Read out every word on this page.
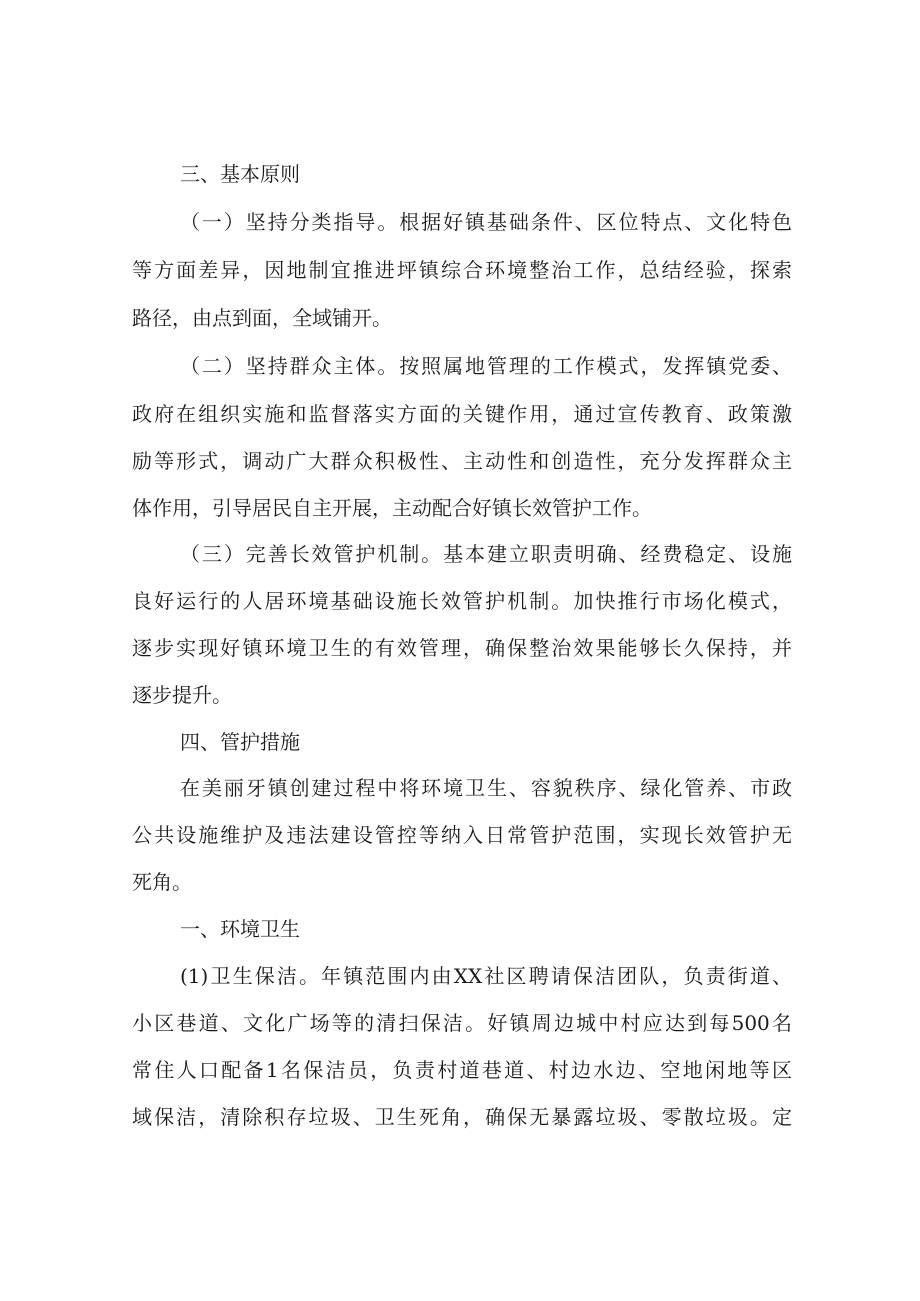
三、基本原则
（一）坚持分类指导。根据好镇基础条件、区位特点、文化特色
等方面差异，因地制宜推进坪镇综合环境整治工作，总结经验，探索
路径，由点到面，全域铺开。
（二）坚持群众主体。按照属地管理的工作模式，发挥镇党委、
政府在组织实施和监督落实方面的关键作用，通过宣传教育、政策激
励等形式，调动广大群众积极性、主动性和创造性，充分发挥群众主
体作用，引导居民自主开展，主动配合好镇长效管护工作。
（三）完善长效管护机制。基本建立职责明确、经费稳定、设施
良好运行的人居环境基础设施长效管护机制。加快推行市场化模式，
逐步实现好镇环境卫生的有效管理，确保整治效果能够长久保持，并
逐步提升。
四、管护措施
在美丽牙镇创建过程中将环境卫生、容貌秩序、绿化管养、市政
公共设施维护及违法建设管控等纳入日常管护范围，实现长效管护无
死角。
一、环境卫生
(1)卫生保洁。年镇范围内由XX社区聘请保洁团队，负责街道、
小区巷道、文化广场等的清扫保洁。好镇周边城中村应达到每500名
常住人口配备1名保洁员，负责村道巷道、村边水边、空地闲地等区
域保洁，清除积存垃圾、卫生死角，确保无暴露垃圾、零散垃圾。定
